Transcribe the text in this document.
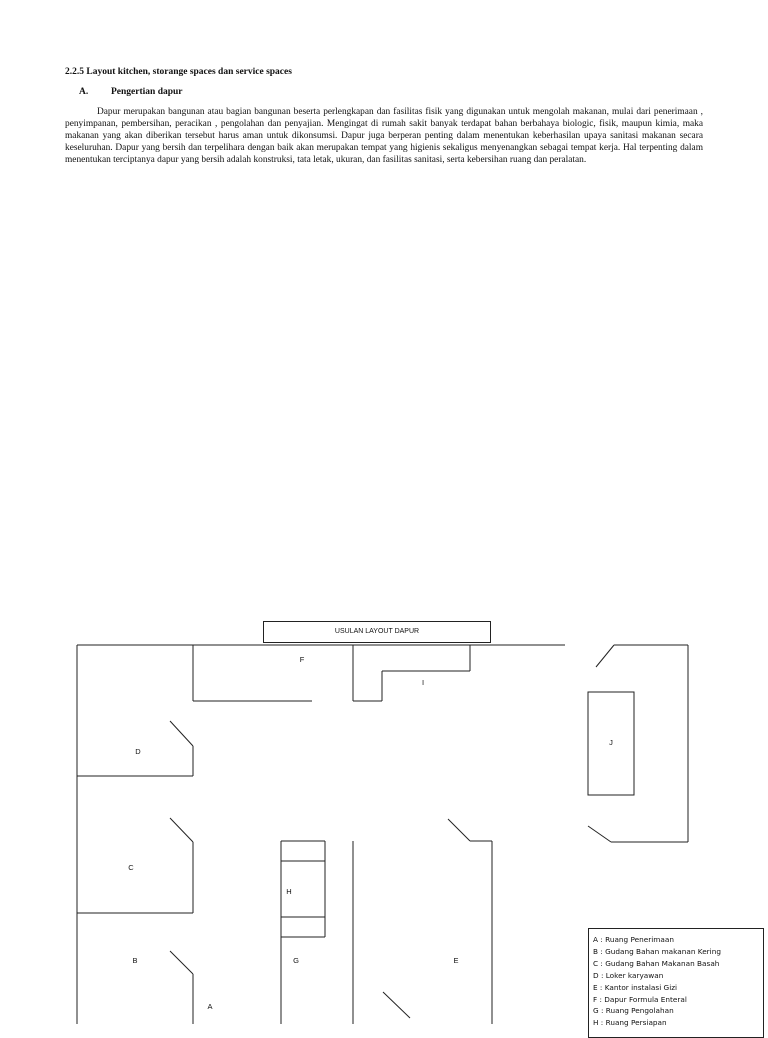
2.2.5 Layout kitchen, storange spaces dan service spaces
A. Pengertian dapur

Dapur merupakan bangunan atau bagian bangunan beserta perlengkapan dan fasilitas fisik yang digunakan untuk mengolah makanan, mulai dari penerimaan , penyimpanan, pembersihan, peracikan , pengolahan dan penyajian. Mengingat di rumah sakit banyak terdapat bahan berbahaya biologic, fisik, maupun kimia, maka makanan yang akan diberikan tersebut harus aman untuk dikonsumsi. Dapur juga berperan penting dalam menentukan keberhasilan upaya sanitasi makanan secara keseluruhan. Dapur yang bersih dan terpelihara dengan baik akan merupakan tempat yang higienis sekaligus menyenangkan sebagai tempat kerja. Hal terpenting dalam menentukan terciptanya dapur yang bersih adalah konstruksi, tata letak, ukuran, dan fasilitas sanitasi, serta kebersihan ruang dan peralatan.

USULAN LAYOUT DAPUR
F
I
D
J
C
H
B	G	E
A
A : Ruang Penerimaan
B : Gudang Bahan makanan Kering
C : Gudang Bahan Makanan Basah
D : Loker karyawan
E : Kantor instalasi Gizi
F : Dapur Formula Enteral
G : Ruang Pengolahan
H : Ruang Persiapan
